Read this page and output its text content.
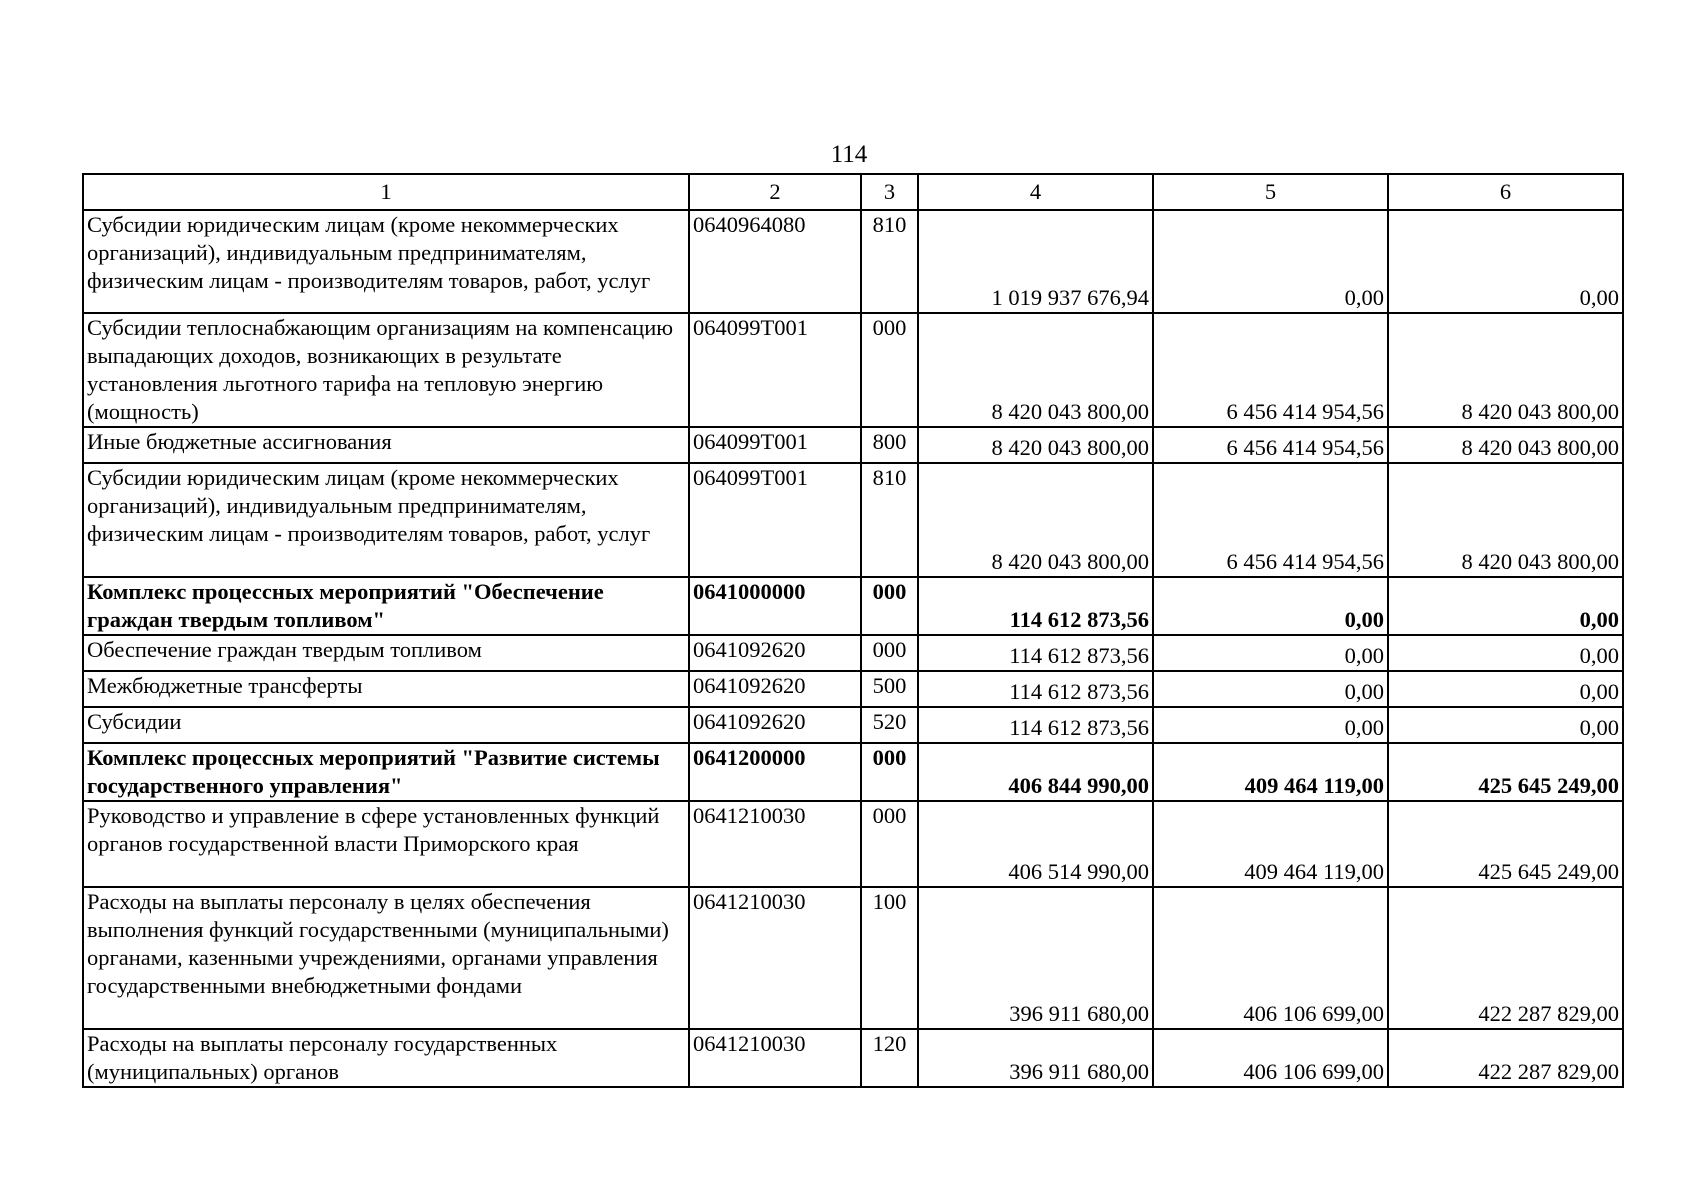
114
1	2	3	4	5	6
Субсидии юридическим лицам (кроме некоммерческих организаций), индивидуальным предпринимателям, физическим лицам - производителям товаров, работ, услуг	0640964080	810	1 019 937 676,94	0,00	0,00
Субсидии теплоснабжающим организациям на компенсацию выпадающих доходов, возникающих в результате установления льготного тарифа на тепловую энергию (мощность)	064099Т001	000	8 420 043 800,00	6 456 414 954,56	8 420 043 800,00
Иные бюджетные ассигнования	064099Т001	800	8 420 043 800,00	6 456 414 954,56	8 420 043 800,00
Субсидии юридическим лицам (кроме некоммерческих организаций), индивидуальным предпринимателям, физическим лицам - производителям товаров, работ, услуг	064099Т001	810	8 420 043 800,00	6 456 414 954,56	8 420 043 800,00
Комплекс процессных мероприятий "Обеспечение граждан твердым топливом"	0641000000	000	114 612 873,56	0,00	0,00
Обеспечение граждан твердым топливом	0641092620	000	114 612 873,56	0,00	0,00
Межбюджетные трансферты	0641092620	500	114 612 873,56	0,00	0,00
Субсидии	0641092620	520	114 612 873,56	0,00	0,00
Комплекс процессных мероприятий "Развитие системы государственного управления"	0641200000	000	406 844 990,00	409 464 119,00	425 645 249,00
Руководство и управление в сфере установленных функций органов государственной власти Приморского края	0641210030	000	406 514 990,00	409 464 119,00	425 645 249,00
Расходы на выплаты персоналу в целях обеспечения выполнения функций государственными (муниципальными) органами, казенными учреждениями, органами управления государственными внебюджетными фондами	0641210030	100	396 911 680,00	406 106 699,00	422 287 829,00
Расходы на выплаты персоналу государственных (муниципальных) органов	0641210030	120	396 911 680,00	406 106 699,00	422 287 829,00
